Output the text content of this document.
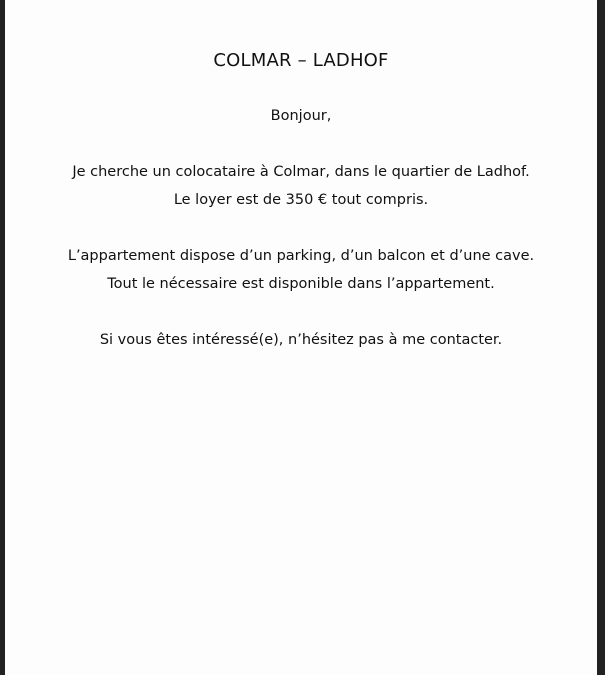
COLMAR – LADHOF
Bonjour,
Je cherche un colocataire à Colmar, dans le quartier de Ladhof.
Le loyer est de 350 € tout compris.
L’appartement dispose d’un parking, d’un balcon et d’une cave.
Tout le nécessaire est disponible dans l’appartement.
Si vous êtes intéressé(e), n’hésitez pas à me contacter.
